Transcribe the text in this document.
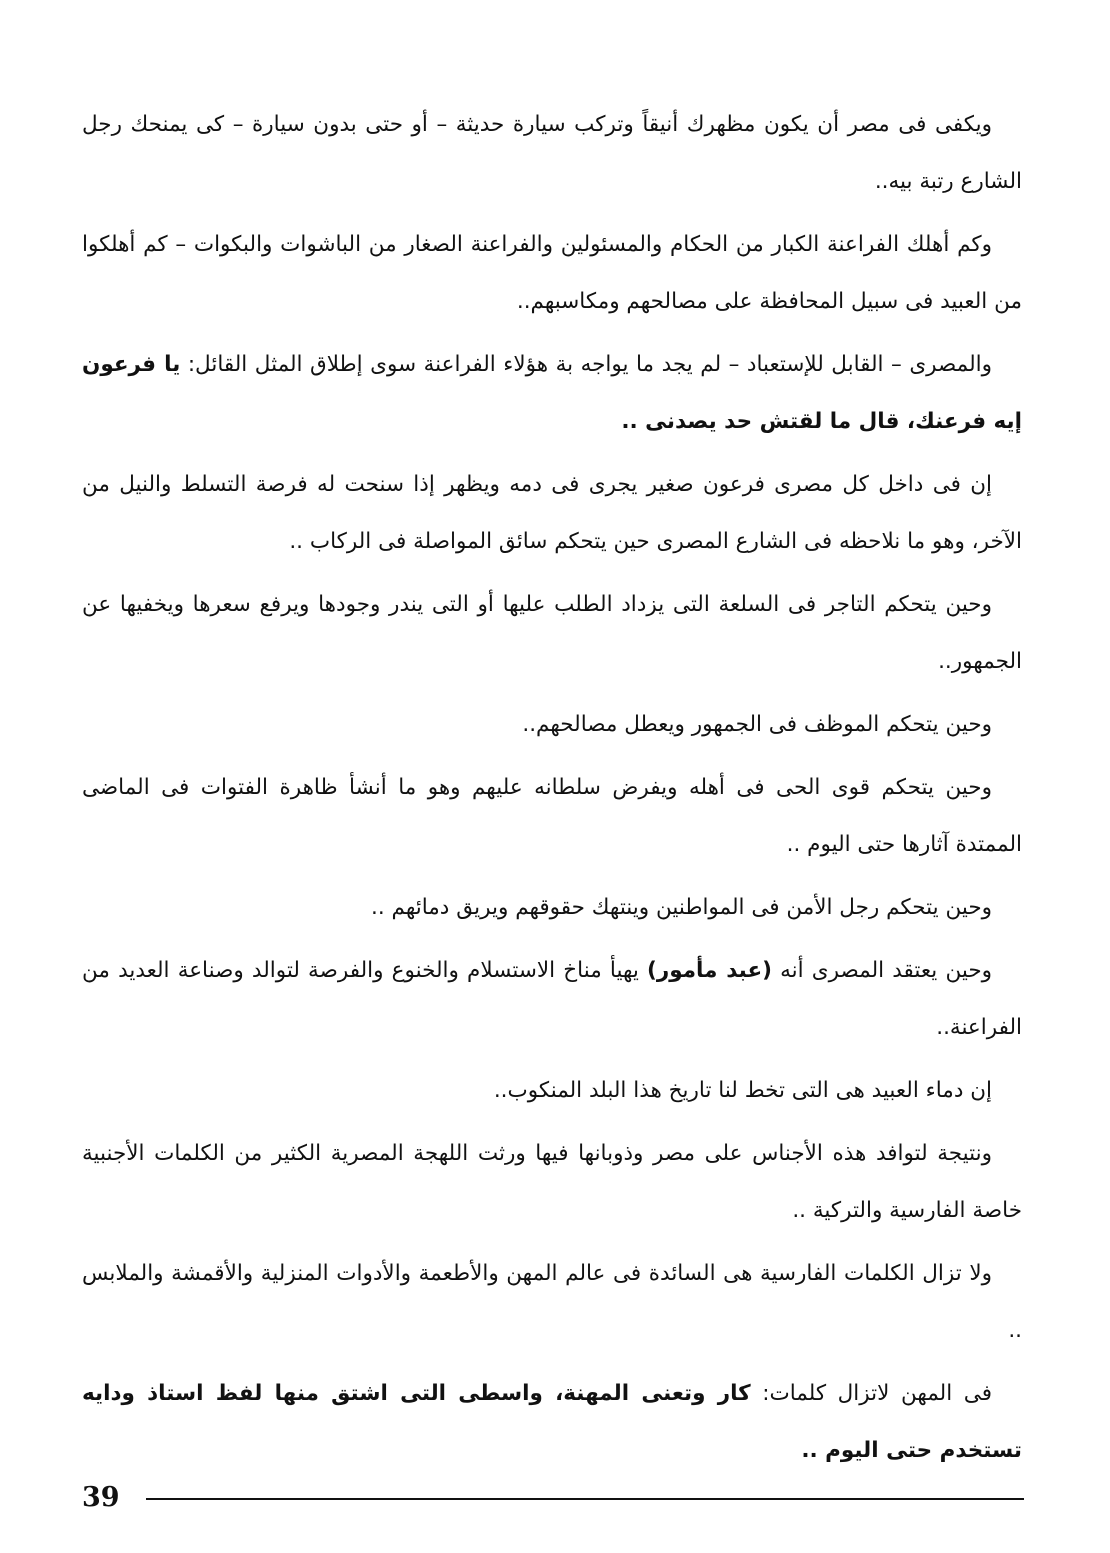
ويكفى فى مصر أن يكون مظهرك أنيقاً وتركب سيارة حديثة – أو حتى بدون سيارة – كى يمنحك رجل الشارع رتبة بيه..

وكم أهلك الفراعنة الكبار من الحكام والمسئولين والفراعنة الصغار من الباشوات والبكوات – كم أهلكوا من العبيد فى سبيل المحافظة على مصالحهم ومكاسبهم..

والمصرى – القابل للإستعباد – لم يجد ما يواجه بة هؤلاء الفراعنة سوى إطلاق المثل القائل: يا فرعون إيه فرعنك، قال ما لقتش حد يصدنى ..

إن فى داخل كل مصرى فرعون صغير يجرى فى دمه ويظهر إذا سنحت له فرصة التسلط والنيل من الآخر، وهو ما نلاحظه فى الشارع المصرى حين يتحكم سائق المواصلة فى الركاب ..

وحين يتحكم التاجر فى السلعة التى يزداد الطلب عليها أو التى يندر وجودها ويرفع سعرها ويخفيها عن الجمهور..

وحين يتحكم الموظف فى الجمهور ويعطل مصالحهم..

وحين يتحكم قوى الحى فى أهله ويفرض سلطانه عليهم وهو ما أنشأ ظاهرة الفتوات فى الماضى الممتدة آثارها حتى اليوم ..

وحين يتحكم رجل الأمن فى المواطنين وينتهك حقوقهم ويريق دمائهم ..

وحين يعتقد المصرى أنه (عبد مأمور) يهيأ مناخ الاستسلام والخنوع والفرصة لتوالد وصناعة العديد من الفراعنة..

إن دماء العبيد هى التى تخط لنا تاريخ هذا البلد المنكوب..

ونتيجة لتوافد هذه الأجناس على مصر وذوبانها فيها ورثت اللهجة المصرية الكثير من الكلمات الأجنبية خاصة الفارسية والتركية ..

ولا تزال الكلمات الفارسية هى السائدة فى عالم المهن والأطعمة والأدوات المنزلية والأقمشة والملابس ..

فى المهن لاتزال كلمات: كار وتعنى المهنة، واسطى التى اشتق منها لفظ استاذ ودايه تستخدم حتى اليوم ..

39
